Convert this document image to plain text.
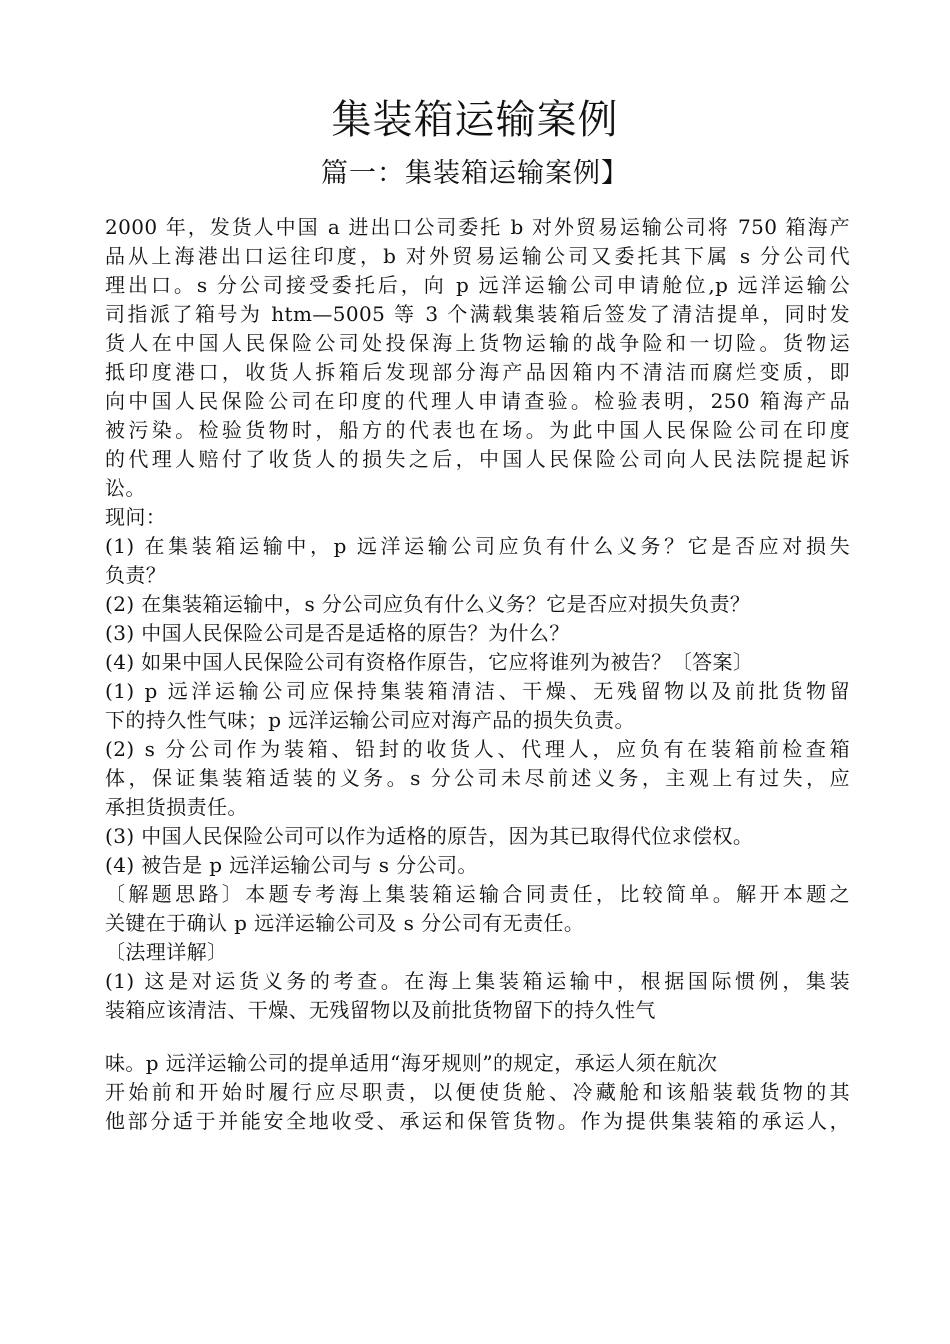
集装箱运输案例
篇一：集装箱运输案例】
2000 年，发货人中国 a 进出口公司委托 b 对外贸易运输公司将 750 箱海产
品从上海港出口运往印度，b 对外贸易运输公司又委托其下属 s 分公司代
理出口。s 分公司接受委托后，向 p 远洋运输公司申请舱位,p 远洋运输公
司指派了箱号为 htm—5005 等 3 个满载集装箱后签发了清洁提单，同时发
货人在中国人民保险公司处投保海上货物运输的战争险和一切险。货物运
抵印度港口，收货人拆箱后发现部分海产品因箱内不清洁而腐烂变质，即
向中国人民保险公司在印度的代理人申请查验。检验表明，250 箱海产品
被污染。检验货物时，船方的代表也在场。为此中国人民保险公司在印度
的代理人赔付了收货人的损失之后，中国人民保险公司向人民法院提起诉
讼。
现问：
(1) 在集装箱运输中，p 远洋运输公司应负有什么义务？它是否应对损失
负责？
(2) 在集装箱运输中，s 分公司应负有什么义务？它是否应对损失负责？
(3) 中国人民保险公司是否是适格的原告？为什么？
(4) 如果中国人民保险公司有资格作原告，它应将谁列为被告？〔答案〕
(1) p 远洋运输公司应保持集装箱清洁、干燥、无残留物以及前批货物留
下的持久性气味；p 远洋运输公司应对海产品的损失负责。
(2) s 分公司作为装箱、铅封的收货人、代理人，应负有在装箱前检查箱
体，保证集装箱适装的义务。s 分公司未尽前述义务，主观上有过失，应
承担货损责任。
(3) 中国人民保险公司可以作为适格的原告，因为其已取得代位求偿权。
(4) 被告是 p 远洋运输公司与 s 分公司。
〔解题思路〕本题专考海上集装箱运输合同责任，比较简单。解开本题之
关键在于确认 p 远洋运输公司及 s 分公司有无责任。
〔法理详解〕
(1) 这是对运货义务的考查。在海上集装箱运输中，根据国际惯例，集装
装箱应该清洁、干燥、无残留物以及前批货物留下的持久性气
味。p 远洋运输公司的提单适用“海牙规则”的规定，承运人须在航次
开始前和开始时履行应尽职责，以便使货舱、冷藏舱和该船装载货物的其
他部分适于并能安全地收受、承运和保管货物。作为提供集装箱的承运人，
